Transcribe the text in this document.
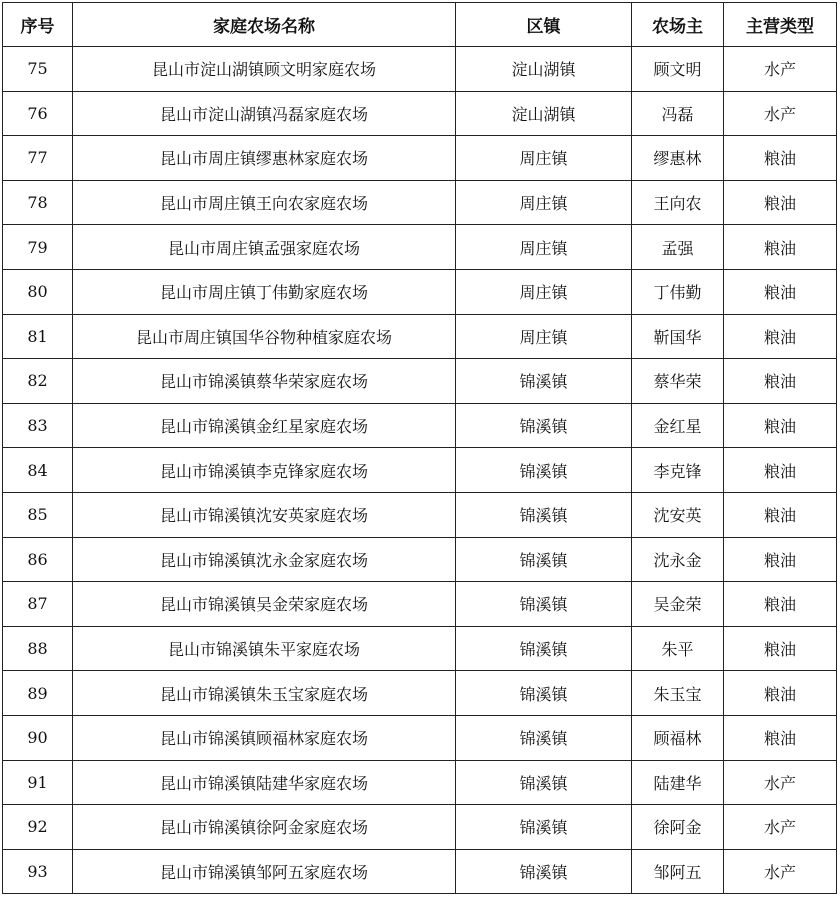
序号	家庭农场名称	区镇	农场主	主营类型
75	昆山市淀山湖镇顾文明家庭农场	淀山湖镇	顾文明	水产
76	昆山市淀山湖镇冯磊家庭农场	淀山湖镇	冯磊	水产
77	昆山市周庄镇缪惠林家庭农场	周庄镇	缪惠林	粮油
78	昆山市周庄镇王向农家庭农场	周庄镇	王向农	粮油
79	昆山市周庄镇孟强家庭农场	周庄镇	孟强	粮油
80	昆山市周庄镇丁伟勤家庭农场	周庄镇	丁伟勤	粮油
81	昆山市周庄镇国华谷物种植家庭农场	周庄镇	靳国华	粮油
82	昆山市锦溪镇蔡华荣家庭农场	锦溪镇	蔡华荣	粮油
83	昆山市锦溪镇金红星家庭农场	锦溪镇	金红星	粮油
84	昆山市锦溪镇李克锋家庭农场	锦溪镇	李克锋	粮油
85	昆山市锦溪镇沈安英家庭农场	锦溪镇	沈安英	粮油
86	昆山市锦溪镇沈永金家庭农场	锦溪镇	沈永金	粮油
87	昆山市锦溪镇吴金荣家庭农场	锦溪镇	吴金荣	粮油
88	昆山市锦溪镇朱平家庭农场	锦溪镇	朱平	粮油
89	昆山市锦溪镇朱玉宝家庭农场	锦溪镇	朱玉宝	粮油
90	昆山市锦溪镇顾福林家庭农场	锦溪镇	顾福林	粮油
91	昆山市锦溪镇陆建华家庭农场	锦溪镇	陆建华	水产
92	昆山市锦溪镇徐阿金家庭农场	锦溪镇	徐阿金	水产
93	昆山市锦溪镇邹阿五家庭农场	锦溪镇	邹阿五	水产
